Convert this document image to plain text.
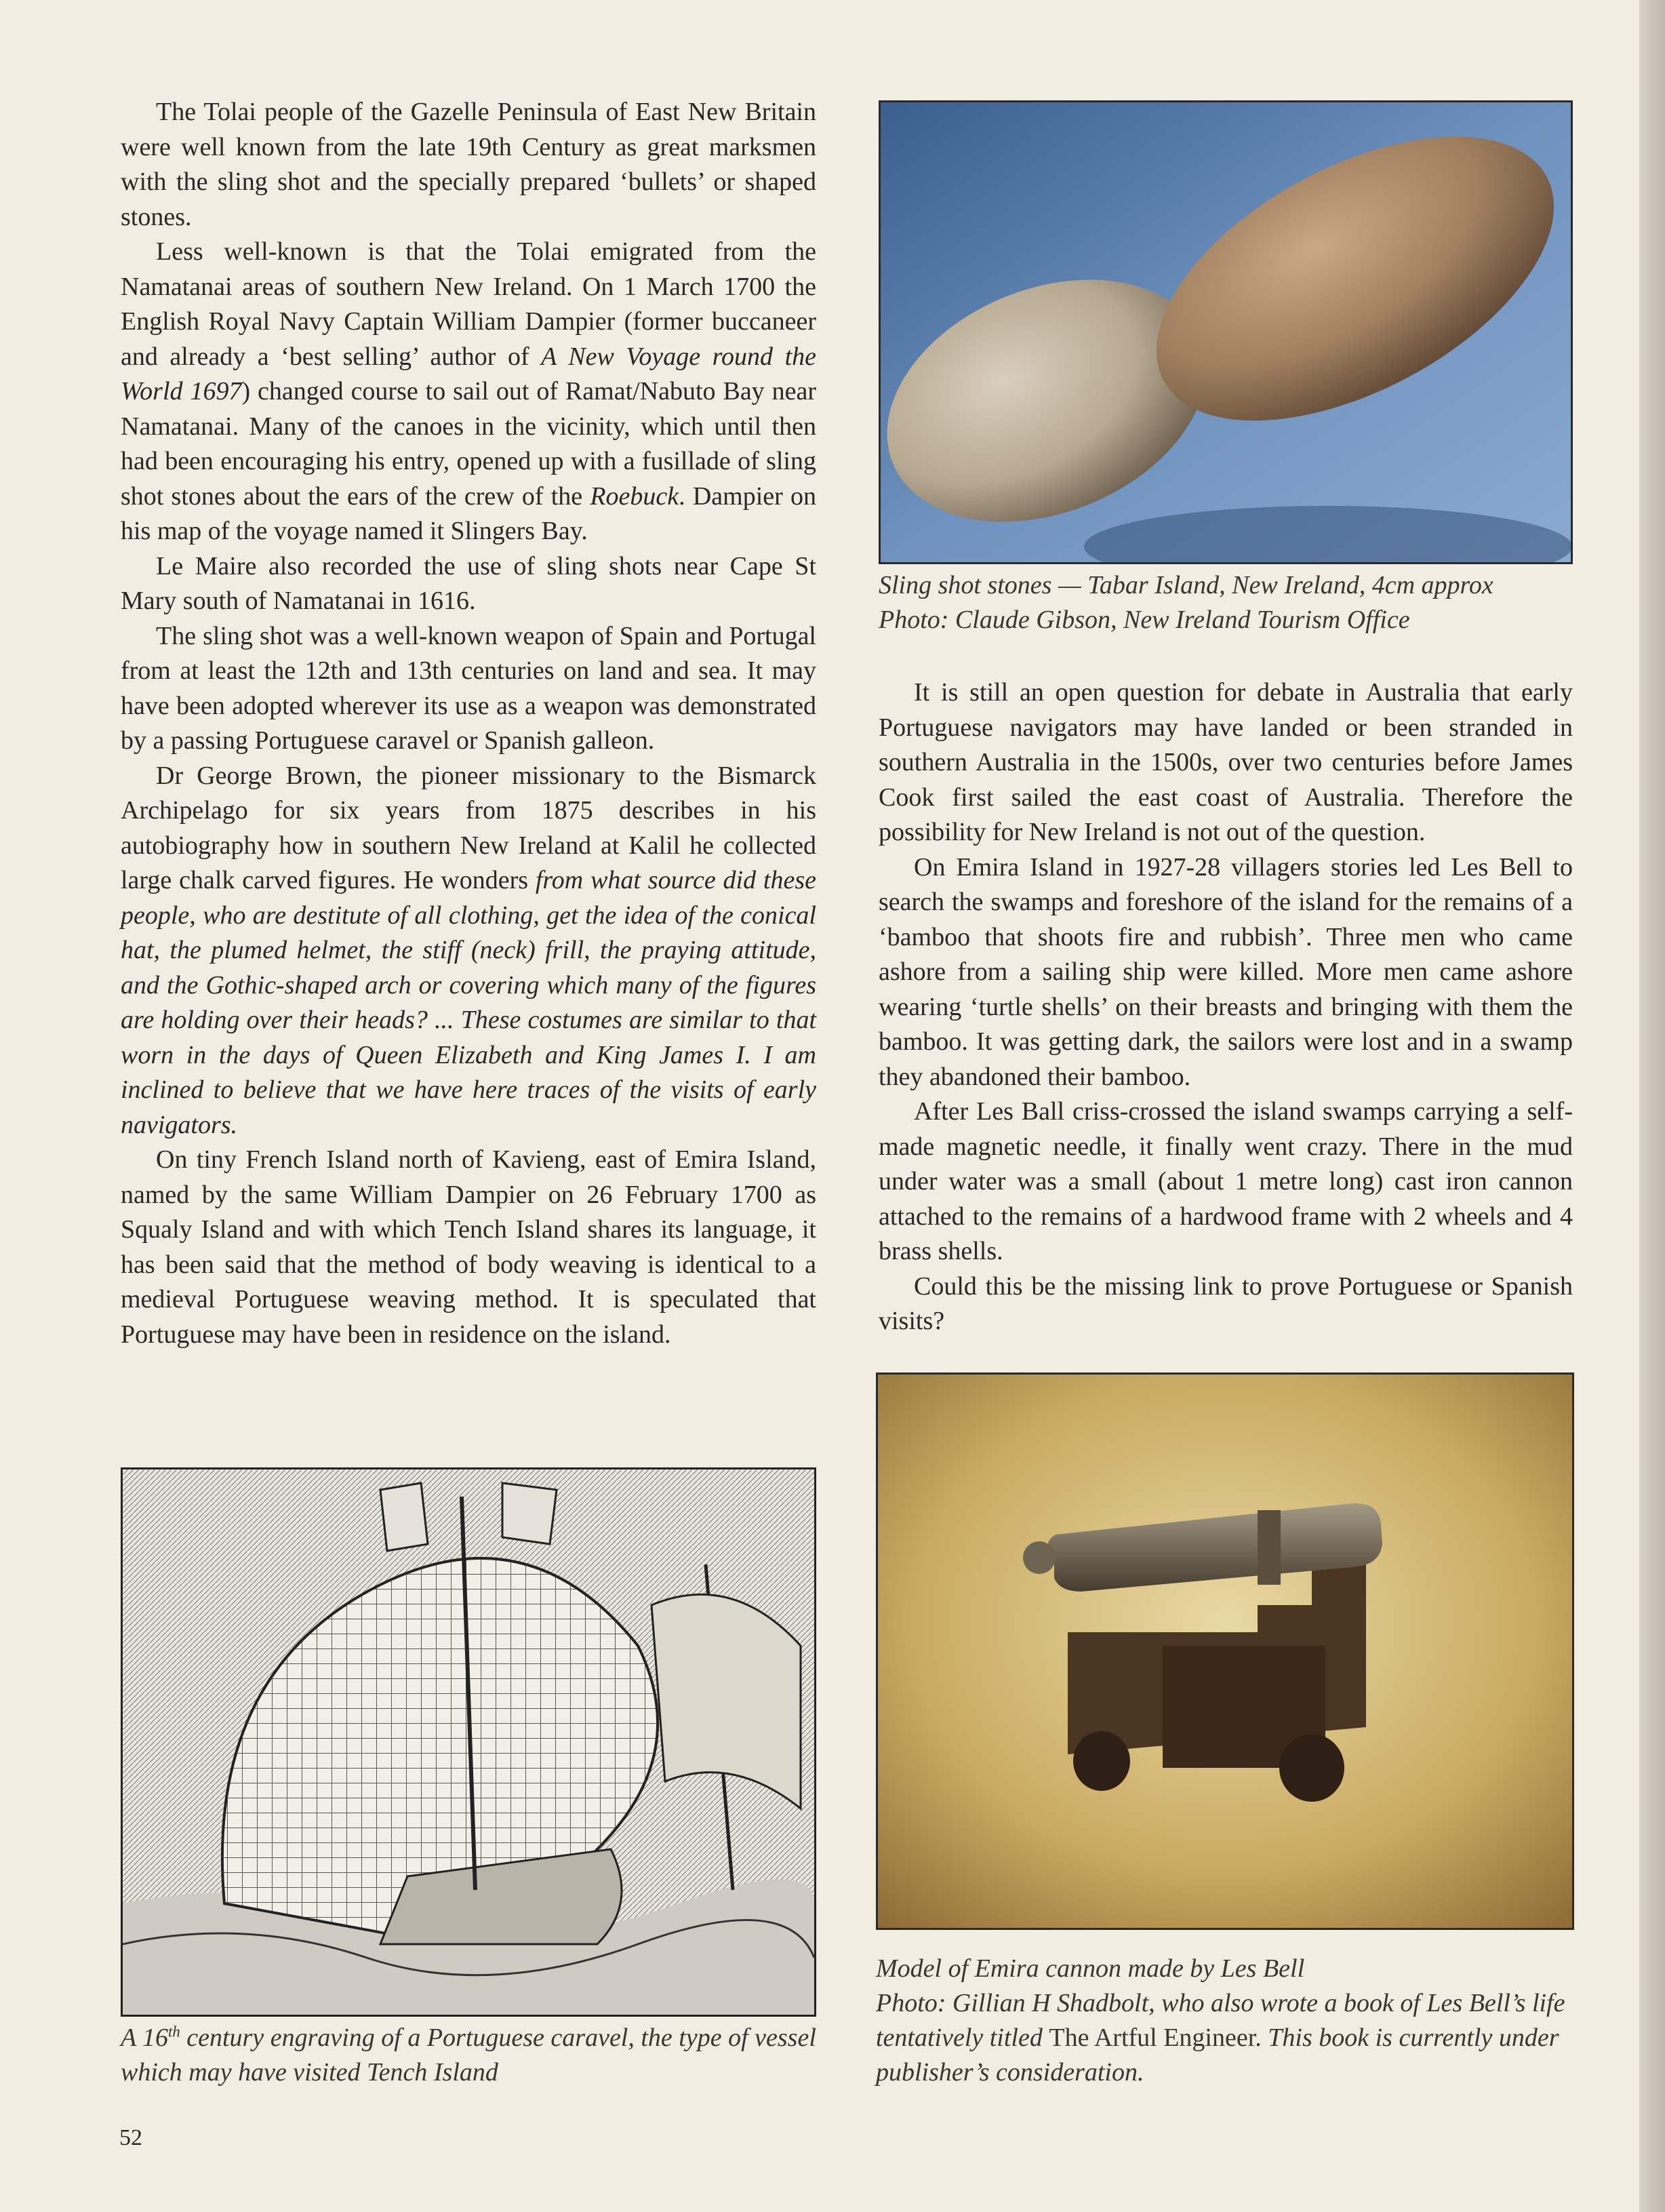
The Tolai people of the Gazelle Peninsula of East New Britain were well known from the late 19th Century as great marksmen with the sling shot and the specially prepared ‘bullets’ or shaped stones.

Less well-known is that the Tolai emigrated from the Namatanai areas of southern New Ireland. On 1 March 1700 the English Royal Navy Captain William Dampier (former buccaneer and already a ‘best selling’ author of A New Voyage round the World 1697) changed course to sail out of Ramat/Nabuto Bay near Namatanai. Many of the canoes in the vicinity, which until then had been encouraging his entry, opened up with a fusillade of sling shot stones about the ears of the crew of the Roebuck. Dampier on his map of the voyage named it Slingers Bay.

Le Maire also recorded the use of sling shots near Cape St Mary south of Namatanai in 1616.

The sling shot was a well-known weapon of Spain and Portugal from at least the 12th and 13th centuries on land and sea. It may have been adopted wherever its use as a weapon was demonstrated by a passing Portuguese caravel or Spanish galleon.

Dr George Brown, the pioneer missionary to the Bismarck Archipelago for six years from 1875 describes in his autobiography how in southern New Ireland at Kalil he collected large chalk carved figures. He wonders from what source did these people, who are destitute of all clothing, get the idea of the conical hat, the plumed helmet, the stiff (neck) frill, the praying attitude, and the Gothic-shaped arch or covering which many of the figures are holding over their heads? ... These costumes are similar to that worn in the days of Queen Elizabeth and King James I. I am inclined to believe that we have here traces of the visits of early navigators.

On tiny French Island north of Kavieng, east of Emira Island, named by the same William Dampier on 26 February 1700 as Squaly Island and with which Tench Island shares its language, it has been said that the method of body weaving is identical to a medieval Portuguese weaving method. It is speculated that Portuguese may have been in residence on the island.

Sling shot stones — Tabar Island, New Ireland, 4cm approx
Photo: Claude Gibson, New Ireland Tourism Office

It is still an open question for debate in Australia that early Portuguese navigators may have landed or been stranded in southern Australia in the 1500s, over two centuries before James Cook first sailed the east coast of Australia. Therefore the possibility for New Ireland is not out of the question.

On Emira Island in 1927-28 villagers stories led Les Bell to search the swamps and foreshore of the island for the remains of a ‘bamboo that shoots fire and rubbish’. Three men who came ashore from a sailing ship were killed. More men came ashore wearing ‘turtle shells’ on their breasts and bringing with them the bamboo. It was getting dark, the sailors were lost and in a swamp they abandoned their bamboo.

After Les Ball criss-crossed the island swamps carrying a self-made magnetic needle, it finally went crazy. There in the mud under water was a small (about 1 metre long) cast iron cannon attached to the remains of a hardwood frame with 2 wheels and 4 brass shells.

Could this be the missing link to prove Portuguese or Spanish visits?

A 16th century engraving of a Portuguese caravel, the type of vessel which may have visited Tench Island
Model of Emira cannon made by Les Bell
Photo: Gillian H Shadbolt, who also wrote a book of Les Bell’s life tentatively titled The Artful Engineer. This book is currently under publisher’s consideration.
52
